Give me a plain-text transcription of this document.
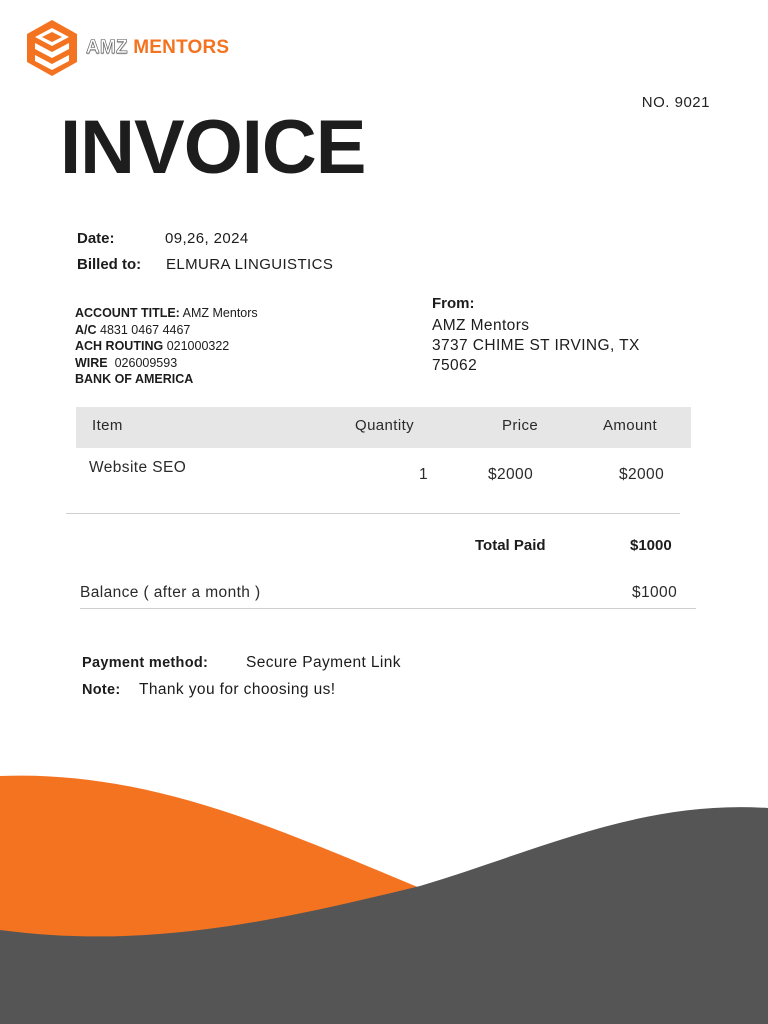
AMZ MENTORS
NO. 9021
INVOICE
Date:	09,26, 2024
Billed to: ELMURA LINGUISTICS
ACCOUNT TITLE: AMZ Mentors
A/C 4831 0467 4467
ACH ROUTING 021000322
WIRE 026009593
BANK OF AMERICA
From:
AMZ Mentors
3737 CHIME ST IRVING, TX
75062
Item	Quantity	Price	Amount
Website SEO	1	$2000	$2000
Total Paid	$1000
Balance ( after a month )	$1000
Payment method: Secure Payment Link
Note: Thank you for choosing us!
